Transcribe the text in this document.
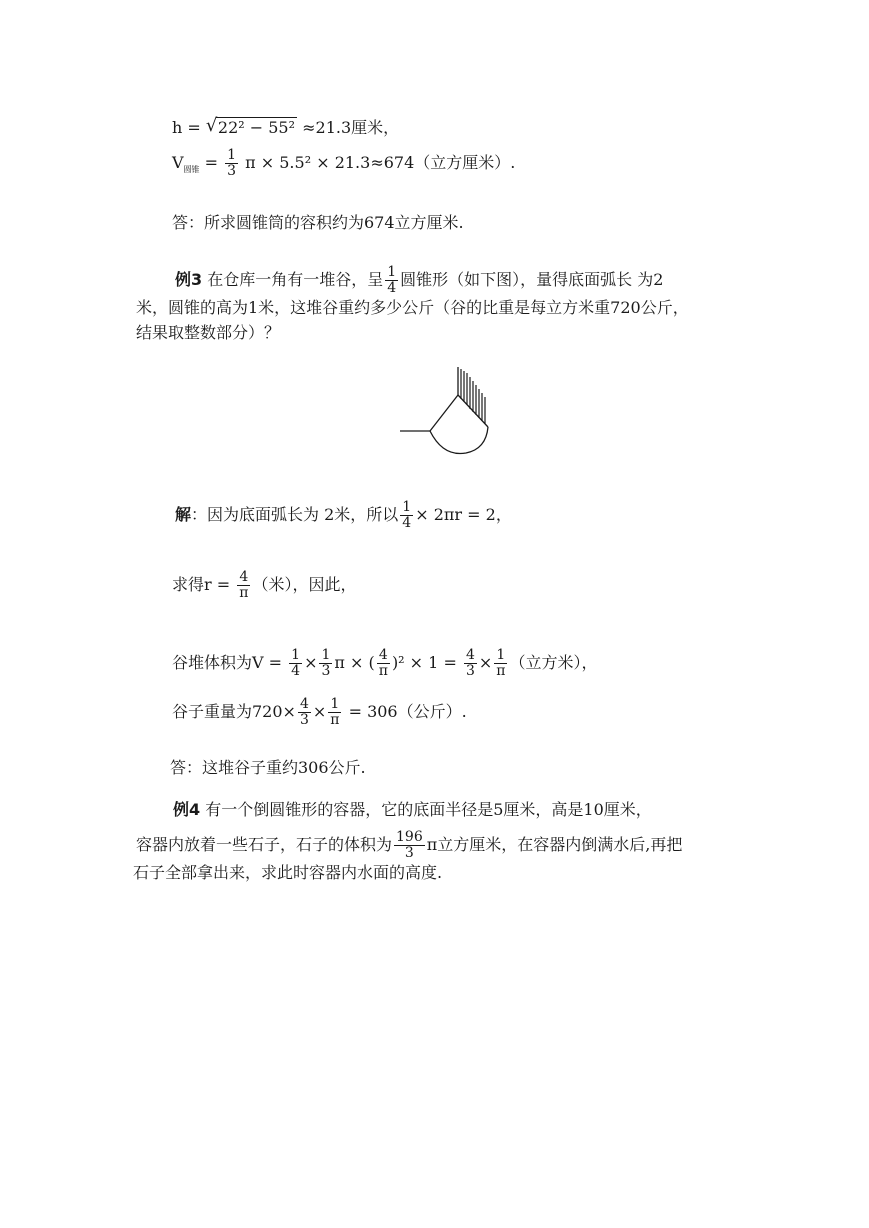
h = √ 22² − 55² ≈21.3厘米，
$V_{圆锥} = \frac{1}{3}$ π × 5.5² × 21.3≈674（立方厘米）.
答：所求圆锥筒的容积约为674立方厘米.
例3 在仓库一角有一堆谷，呈 $\frac{1}{4}$ 圆锥形（如下图），量得底面弧长 为2
米，圆锥的高为1米，这堆谷重约多少公斤（谷的比重是每立方米重720公斤，
结果取整数部分）？
解：因为底面弧长为 2米，所以 $\frac{1}{4} \times 2\pi r = 2$，
求得$r = \frac{4}{\pi}$ （米），因此，
谷堆体积为$V = \frac{1}{4} \times \frac{1}{3}$ π × ( $\frac{4}{\pi} )^2 \times 1 = \frac{4}{3} \times \frac{1}{\pi}$ （立方米），
谷子重量为$720\times \frac{4}{3} \times \frac{1}{\pi} = 306$（公斤）.
答：这堆谷子重约306公斤.
例4 有一个倒圆锥形的容器，它的底面半径是5厘米，高是10厘米，
容器内放着一些石子，石子的体积为 $\frac{196}{3}$ π立方厘米，在容器内倒满水后,再把
石子全部拿出来，求此时容器内水面的高度.
